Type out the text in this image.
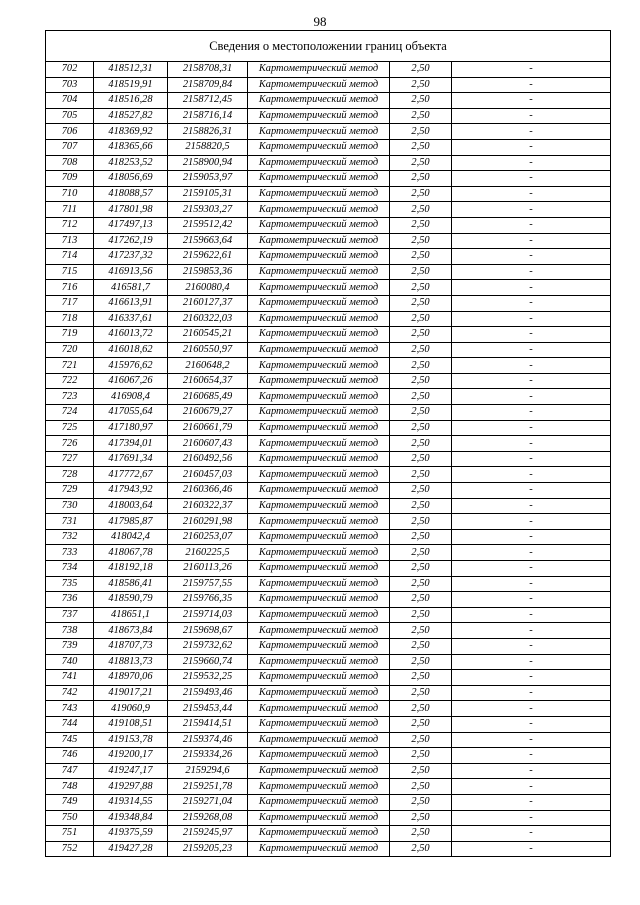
98
Сведения о местоположении границ объекта					
702	418512,31	2158708,31	Картометрический метод	2,50	-
703	418519,91	2158709,84	Картометрический метод	2,50	-
704	418516,28	2158712,45	Картометрический метод	2,50	-
705	418527,82	2158716,14	Картометрический метод	2,50	-
706	418369,92	2158826,31	Картометрический метод	2,50	-
707	418365,66	2158820,5	Картометрический метод	2,50	-
708	418253,52	2158900,94	Картометрический метод	2,50	-
709	418056,69	2159053,97	Картометрический метод	2,50	-
710	418088,57	2159105,31	Картометрический метод	2,50	-
711	417801,98	2159303,27	Картометрический метод	2,50	-
712	417497,13	2159512,42	Картометрический метод	2,50	-
713	417262,19	2159663,64	Картометрический метод	2,50	-
714	417237,32	2159622,61	Картометрический метод	2,50	-
715	416913,56	2159853,36	Картометрический метод	2,50	-
716	416581,7	2160080,4	Картометрический метод	2,50	-
717	416613,91	2160127,37	Картометрический метод	2,50	-
718	416337,61	2160322,03	Картометрический метод	2,50	-
719	416013,72	2160545,21	Картометрический метод	2,50	-
720	416018,62	2160550,97	Картометрический метод	2,50	-
721	415976,62	2160648,2	Картометрический метод	2,50	-
722	416067,26	2160654,37	Картометрический метод	2,50	-
723	416908,4	2160685,49	Картометрический метод	2,50	-
724	417055,64	2160679,27	Картометрический метод	2,50	-
725	417180,97	2160661,79	Картометрический метод	2,50	-
726	417394,01	2160607,43	Картометрический метод	2,50	-
727	417691,34	2160492,56	Картометрический метод	2,50	-
728	417772,67	2160457,03	Картометрический метод	2,50	-
729	417943,92	2160366,46	Картометрический метод	2,50	-
730	418003,64	2160322,37	Картометрический метод	2,50	-
731	417985,87	2160291,98	Картометрический метод	2,50	-
732	418042,4	2160253,07	Картометрический метод	2,50	-
733	418067,78	2160225,5	Картометрический метод	2,50	-
734	418192,18	2160113,26	Картометрический метод	2,50	-
735	418586,41	2159757,55	Картометрический метод	2,50	-
736	418590,79	2159766,35	Картометрический метод	2,50	-
737	418651,1	2159714,03	Картометрический метод	2,50	-
738	418673,84	2159698,67	Картометрический метод	2,50	-
739	418707,73	2159732,62	Картометрический метод	2,50	-
740	418813,73	2159660,74	Картометрический метод	2,50	-
741	418970,06	2159532,25	Картометрический метод	2,50	-
742	419017,21	2159493,46	Картометрический метод	2,50	-
743	419060,9	2159453,44	Картометрический метод	2,50	-
744	419108,51	2159414,51	Картометрический метод	2,50	-
745	419153,78	2159374,46	Картометрический метод	2,50	-
746	419200,17	2159334,26	Картометрический метод	2,50	-
747	419247,17	2159294,6	Картометрический метод	2,50	-
748	419297,88	2159251,78	Картометрический метод	2,50	-
749	419314,55	2159271,04	Картометрический метод	2,50	-
750	419348,84	2159268,08	Картометрический метод	2,50	-
751	419375,59	2159245,97	Картометрический метод	2,50	-
752	419427,28	2159205,23	Картометрический метод	2,50	-
